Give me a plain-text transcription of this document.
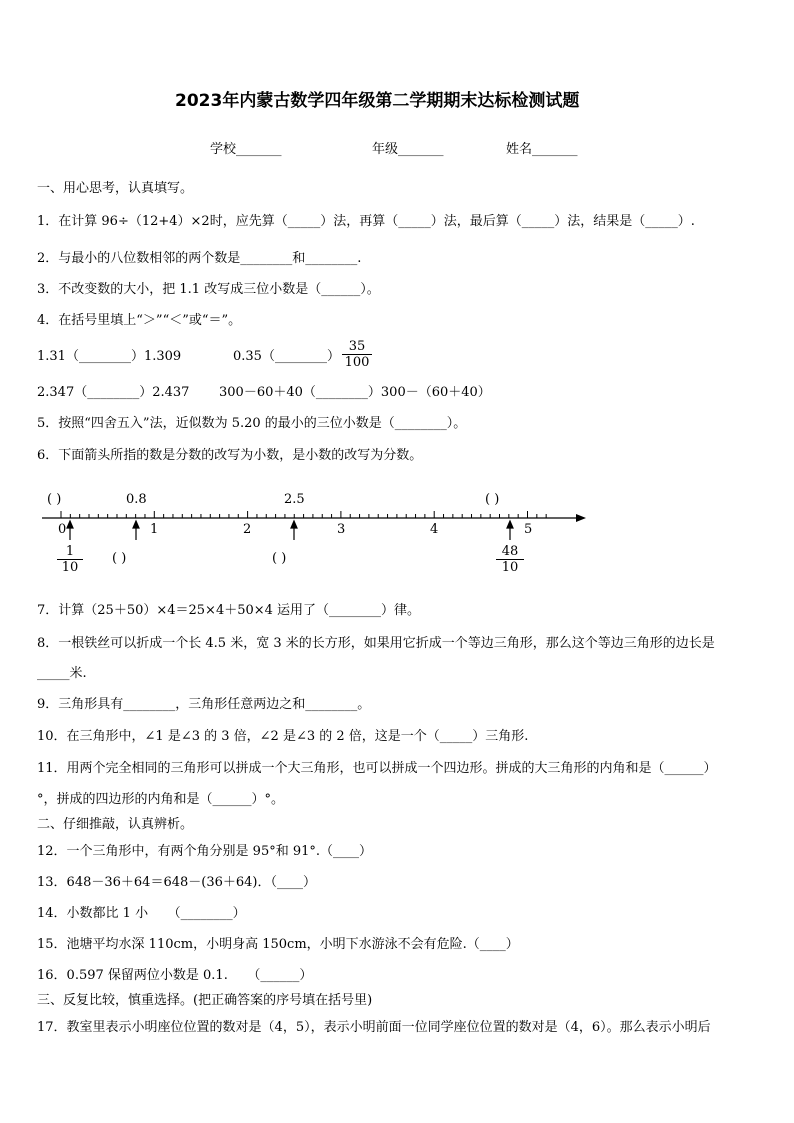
2023年内蒙古数学四年级第二学期期末达标检测试题
学校_______	年级_______	姓名_______
一、用心思考，认真填写。
1．在计算 96÷（12+4）×2时，应先算（_____）法，再算（_____）法，最后算（_____）法，结果是（_____）.
2．与最小的八位数相邻的两个数是________和________.
3．不改变数的大小，把 1.1 改写成三位小数是（______）。
4．在括号里填上“＞”“＜”或“＝”。
1.31（________）1.309	0.35（________） $\frac{35}{100}$
2.347（________）2.437 300－60＋40（________）300－（60＋40）
5．按照“四舍五入”法，近似数为 5.20 的最小的三位小数是（________）。
6．下面箭头所指的数是分数的改写为小数，是小数的改写为分数。
( )	0.8	2.5	( )
0	1	2	3	4	5
$\frac{1}{10}$ ( )	( )	$\frac{48}{10}$
7．计算（25＋50）×4＝25×4＋50×4 运用了（________）律。
8．一根铁丝可以折成一个长 4.5 米，宽 3 米的长方形，如果用它折成一个等边三角形，那么这个等边三角形的边长是
_____米.
9．三角形具有________，三角形任意两边之和________。
10．在三角形中，∠1 是∠3 的 3 倍，∠2 是∠3 的 2 倍，这是一个（_____）三角形.
11．用两个完全相同的三角形可以拼成一个大三角形，也可以拼成一个四边形。拼成的大三角形的内角和是（______）
°，拼成的四边形的内角和是（______）°。
二、仔细推敲，认真辨析。
12．一个三角形中，有两个角分别是 95°和 91°.（____）
13．648－36＋64＝648－(36＋64)．（____）
14．小数都比 1 小　　（________）
15．池塘平均水深 110cm，小明身高 150cm，小明下水游泳不会有危险.（____）
16．0.597 保留两位小数是 0.1.　　（______）
三、反复比较，慎重选择。(把正确答案的序号填在括号里)
17．教室里表示小明座位位置的数对是（4，5），表示小明前面一位同学座位位置的数对是（4，6）。那么表示小明后
